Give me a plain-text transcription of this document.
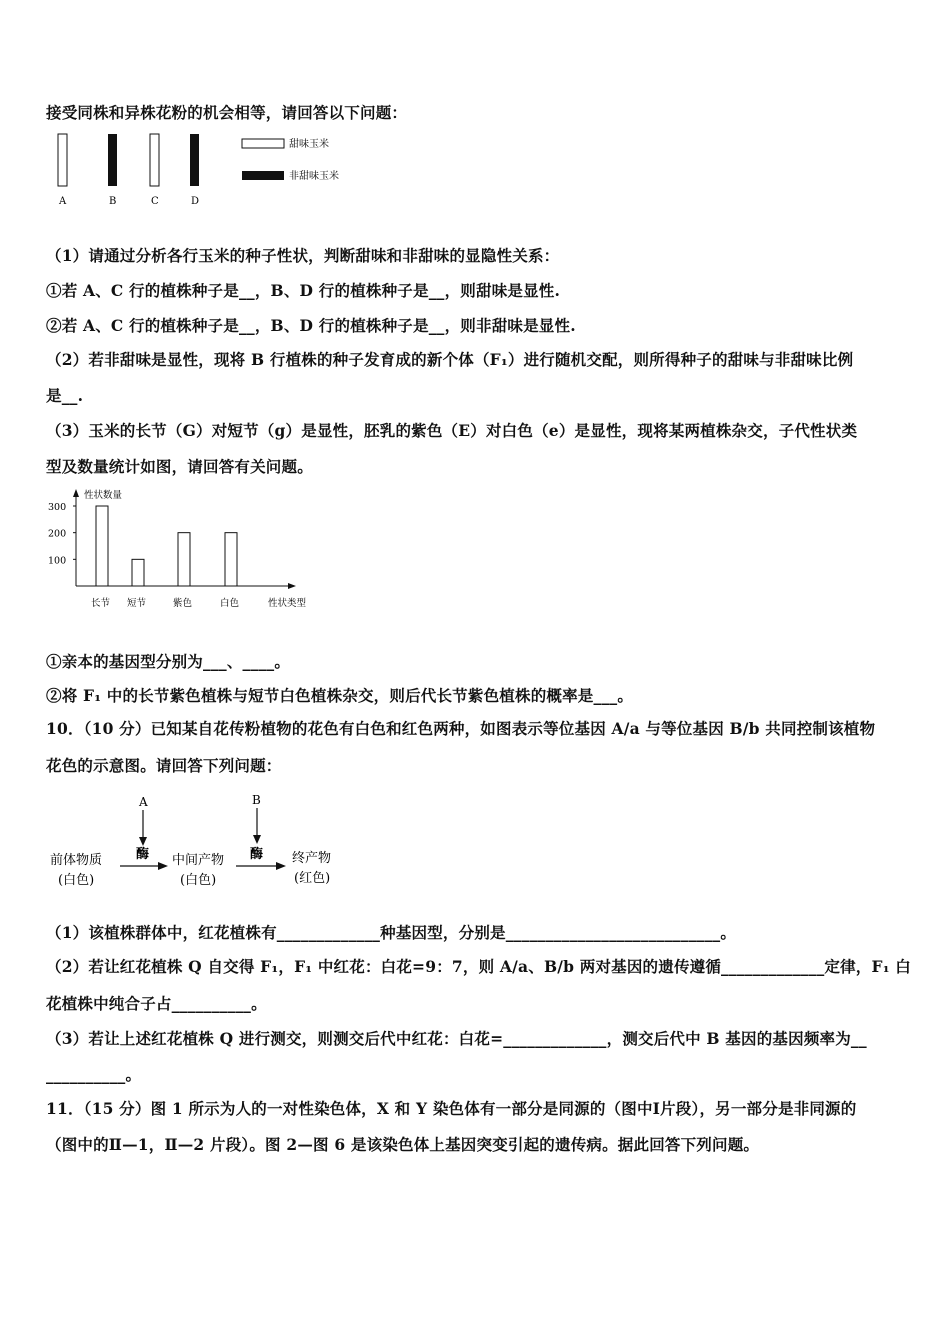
接受同株和异株花粉的机会相等，请回答以下问题：
A	B	C	D
甜味玉米
非甜味玉米
（1）请通过分析各行玉米的种子性状，判断甜味和非甜味的显隐性关系：
①若 A、C 行的植株种子是__，B、D 行的植株种子是__，则甜味是显性.
②若 A、C 行的植株种子是__，B、D 行的植株种子是__，则非甜味是显性.
（2）若非甜味是显性，现将 B 行植株的种子发育成的新个体（F₁）进行随机交配，则所得种子的甜味与非甜味比例
是__.
（3）玉米的长节（G）对短节（g）是显性，胚乳的紫色（E）对白色（e）是显性，现将某两植株杂交，子代性状类
型及数量统计如图，请回答有关问题。
性状数量
性状类型
100
200
300
长节 短节	紫色	白色
①亲本的基因型分别为___、____。
②将 F₁ 中的长节紫色植株与短节白色植株杂交，则后代长节紫色植株的概率是___。
10．（10 分）已知某自花传粉植物的花色有白色和红色两种，如图表示等位基因 A/a 与等位基因 B/b 共同控制该植物
花色的示意图。请回答下列问题：
A	B
酶	酶
前体物质
(白色)
中间产物
(白色)
终产物
(红色)
（1）该植株群体中，红花植株有_____________种基因型，分别是___________________________。
（2）若让红花植株 Q 自交得 F₁，F₁ 中红花：白花=9：7，则 A/a、B/b 两对基因的遗传遵循_____________定律，F₁ 白
花植株中纯合子占__________。
（3）若让上述红花植株 Q 进行测交，则测交后代中红花：白花=_____________，测交后代中 B 基因的基因频率为__
__________。
11．（15 分）图 1 所示为人的一对性染色体，X 和 Y 染色体有一部分是同源的（图中Ⅰ片段），另一部分是非同源的
（图中的Ⅱ—1，Ⅱ—2 片段）。图 2—图 6 是该染色体上基因突变引起的遗传病。据此回答下列问题。
